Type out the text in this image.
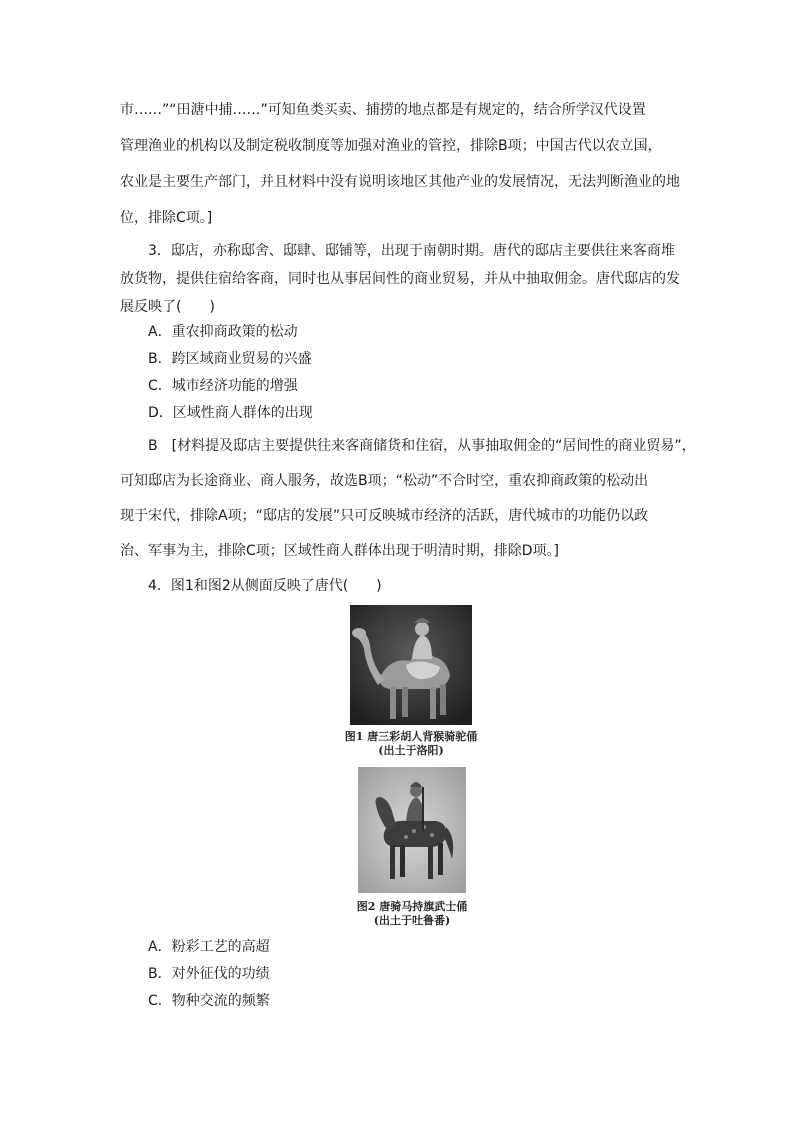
市……”“田溏中捕……”可知鱼类买卖、捕捞的地点都是有规定的，结合所学汉代设置
管理渔业的机构以及制定税收制度等加强对渔业的管控，排除B项；中国古代以农立国，
农业是主要生产部门，并且材料中没有说明该地区其他产业的发展情况，无法判断渔业的地
位，排除C项。]
3．邸店，亦称邸舍、邸肆、邸铺等，出现于南朝时期。唐代的邸店主要供往来客商堆
放货物，提供住宿给客商，同时也从事居间性的商业贸易，并从中抽取佣金。唐代邸店的发
展反映了(　　)
A．重农抑商政策的松动
B．跨区域商业贸易的兴盛
C．城市经济功能的增强
D．区域性商人群体的出现
B　[材料提及邸店主要提供往来客商储货和住宿，从事抽取佣金的“居间性的商业贸易”，
可知邸店为长途商业、商人服务，故选B项；“松动”不合时空，重农抑商政策的松动出
现于宋代，排除A项；“邸店的发展”只可反映城市经济的活跃，唐代城市的功能仍以政
治、军事为主，排除C项；区域性商人群体出现于明清时期，排除D项。]
4．图1和图2从侧面反映了唐代(　　)
图1 唐三彩胡人背猴骑驼俑
(出土于洛阳)
图2 唐骑马持旗武士俑
(出土于吐鲁番)
A．粉彩工艺的高超
B．对外征伐的功绩
C．物种交流的频繁
